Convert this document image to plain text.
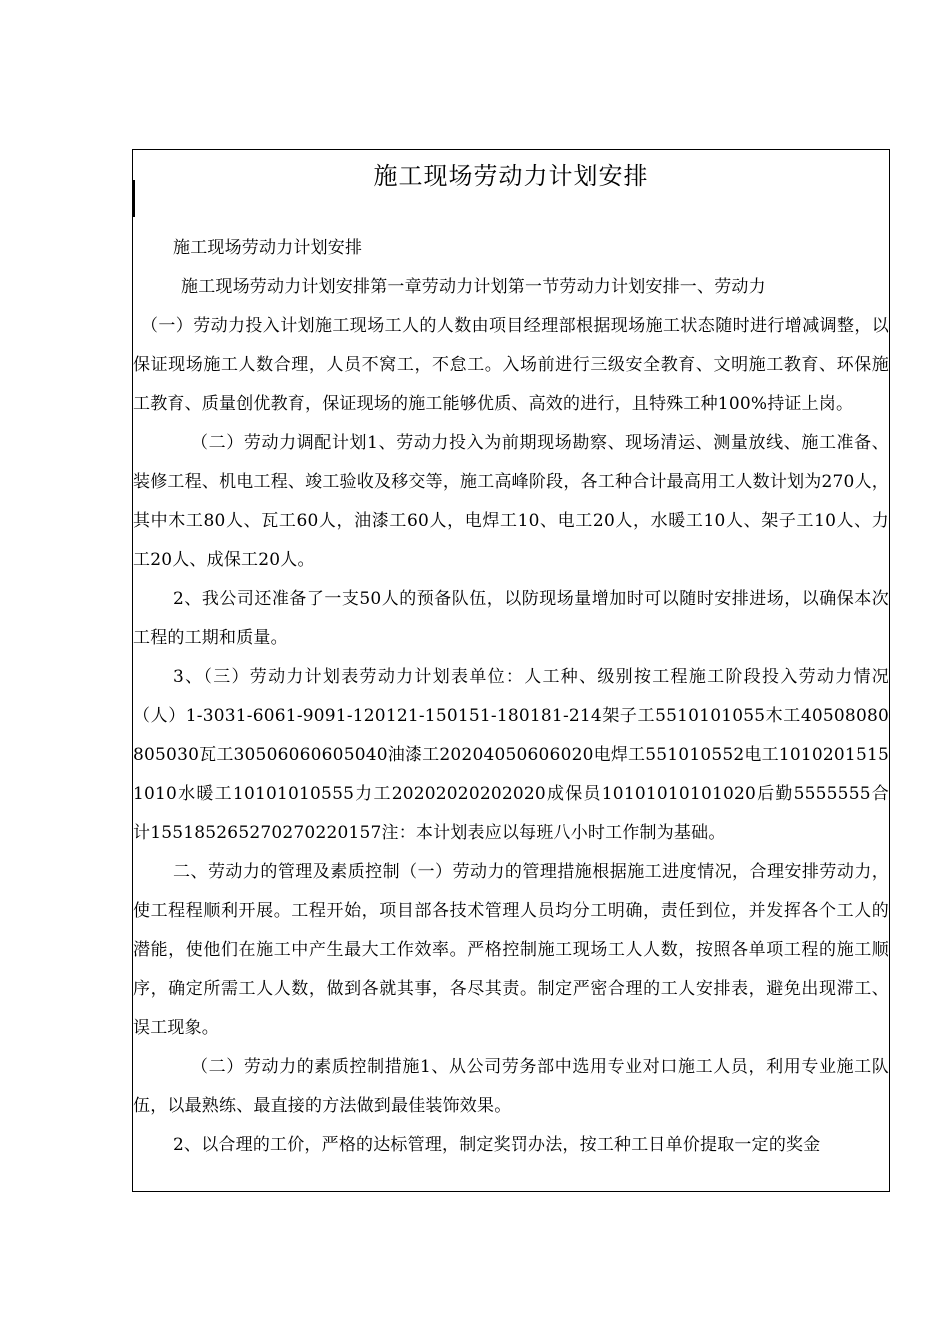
施工现场劳动力计划安排

施工现场劳动力计划安排

施工现场劳动力计划安排第一章劳动力计划第一节劳动力计划安排一、劳动力

（一）劳动力投入计划施工现场工人的人数由项目经理部根据现场施工状态随时进行增减调整，以保证现场施工人数合理，人员不窝工，不怠工。入场前进行三级安全教育、文明施工教育、环保施工教育、质量创优教育，保证现场的施工能够优质、高效的进行，且特殊工种100%持证上岗。

（二）劳动力调配计划1、劳动力投入为前期现场勘察、现场清运、测量放线、施工准备、装修工程、机电工程、竣工验收及移交等，施工高峰阶段，各工种合计最高用工人数计划为270人，其中木工80人、瓦工60人，油漆工60人，电焊工10、电工20人，水暖工10人、架子工10人、力工20人、成保工20人。

2、我公司还准备了一支50人的预备队伍，以防现场量增加时可以随时安排进场，以确保本次工程的工期和质量。

3、（三）劳动力计划表劳动力计划表单位：人工种、级别按工程施工阶段投入劳动力情况（人）1-3031-6061-9091-120121-150151-180181-214架子工5510101055木工40508080805030瓦工30506060605040油漆工20204050606020电焊工551010552电工10102015151010水暖工10101010555力工20202020202020成保员10101010101020后勤5555555合计155185265270270220157注：本计划表应以每班八小时工作制为基础。

二、劳动力的管理及素质控制（一）劳动力的管理措施根据施工进度情况，合理安排劳动力，使工程程顺利开展。工程开始，项目部各技术管理人员均分工明确，责任到位，并发挥各个工人的潜能，使他们在施工中产生最大工作效率。严格控制施工现场工人人数，按照各单项工程的施工顺序，确定所需工人人数，做到各就其事，各尽其责。制定严密合理的工人安排表，避免出现滞工、误工现象。

（二）劳动力的素质控制措施1、从公司劳务部中选用专业对口施工人员，利用专业施工队伍，以最熟练、最直接的方法做到最佳装饰效果。

2、以合理的工价，严格的达标管理，制定奖罚办法，按工种工日单价提取一定的奖金
